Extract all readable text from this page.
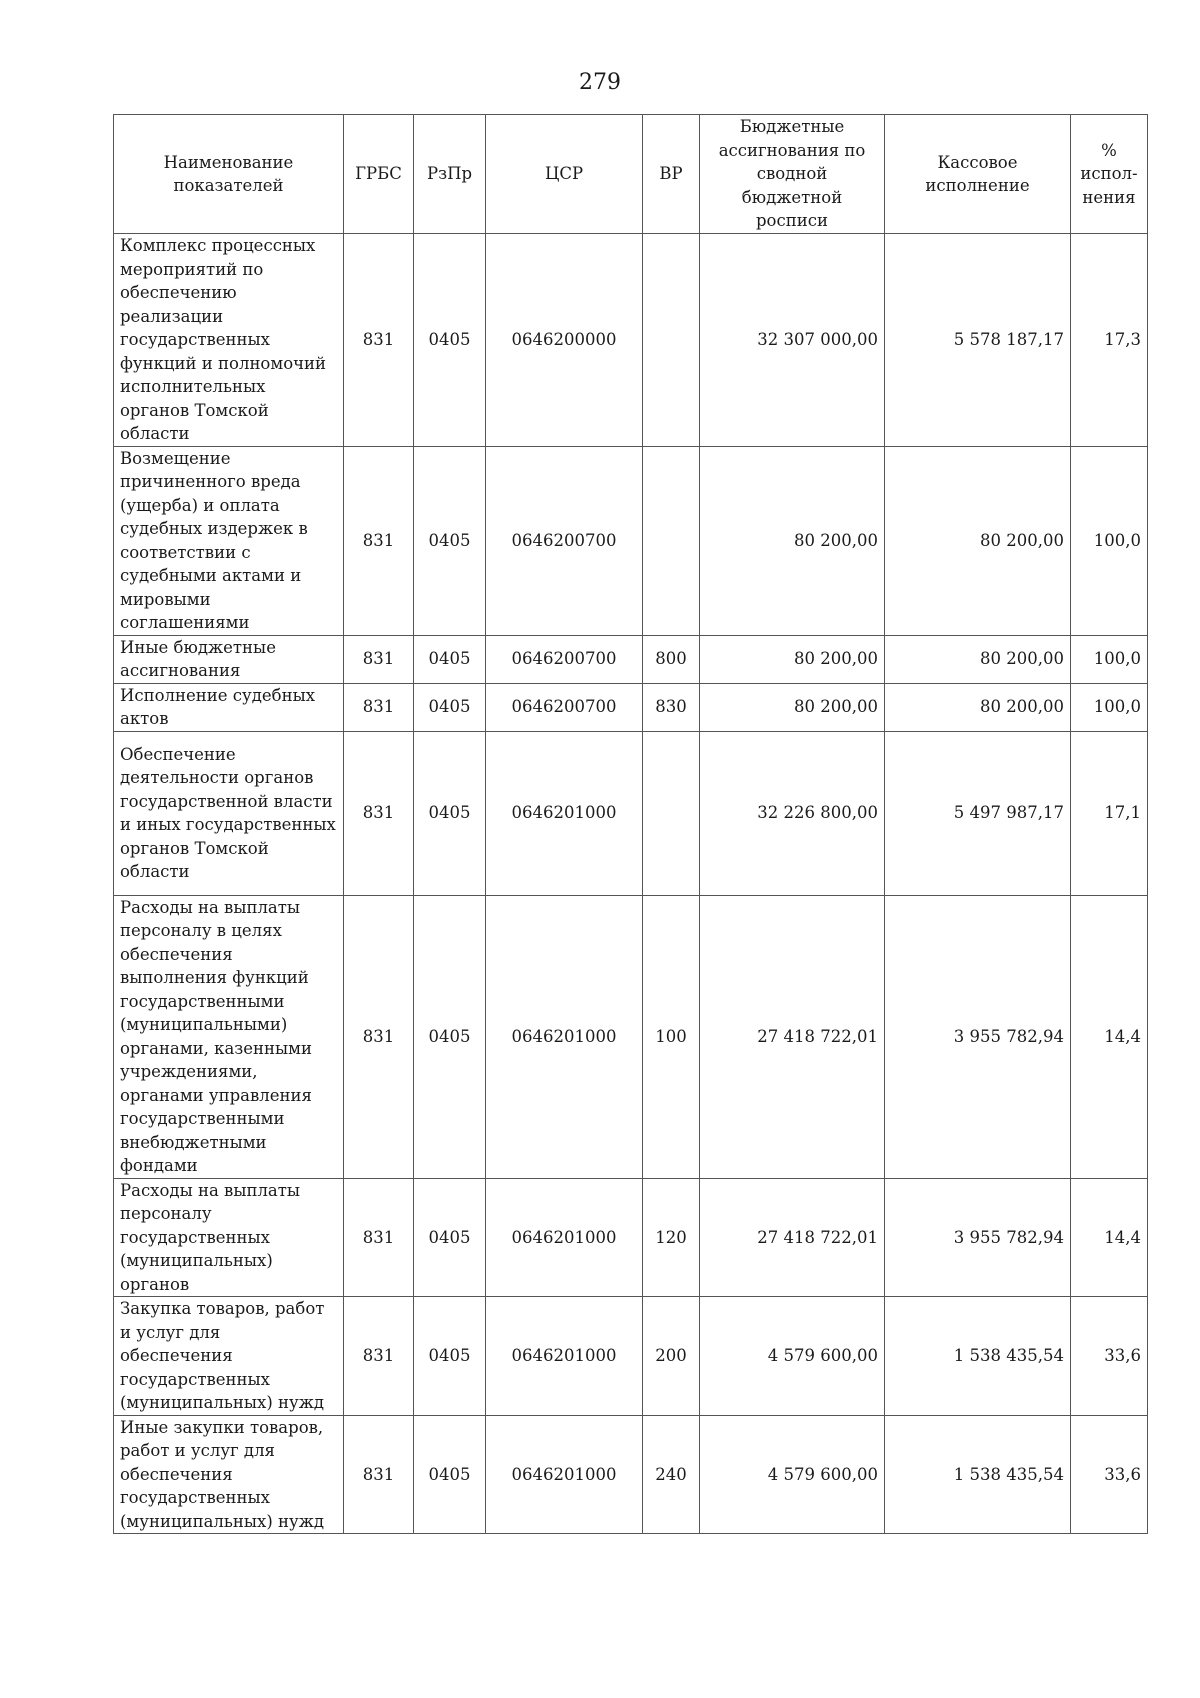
279
Наименование показателей	ГРБС	РзПр	ЦСР	ВР	Бюджетные ассигнования по сводной бюджетной росписи	Кассовое исполнение	% испол-нения
Комплекс процессных мероприятий по обеспечению реализации государственных функций и полномочий исполнительных органов Томской области	831	0405	0646200000		32 307 000,00	5 578 187,17	17,3
Возмещение причиненного вреда (ущерба) и оплата судебных издержек в соответствии с судебными актами и мировыми соглашениями	831	0405	0646200700		80 200,00	80 200,00	100,0
Иные бюджетные ассигнования	831	0405	0646200700	800	80 200,00	80 200,00	100,0
Исполнение судебных актов	831	0405	0646200700	830	80 200,00	80 200,00	100,0
Обеспечение деятельности органов государственной власти и иных государственных органов Томской области	831	0405	0646201000		32 226 800,00	5 497 987,17	17,1
Расходы на выплаты персоналу в целях обеспечения выполнения функций государственными (муниципальными) органами, казенными учреждениями, органами управления государственными внебюджетными фондами	831	0405	0646201000	100	27 418 722,01	3 955 782,94	14,4
Расходы на выплаты персоналу государственных (муниципальных) органов	831	0405	0646201000	120	27 418 722,01	3 955 782,94	14,4
Закупка товаров, работ и услуг для обеспечения государственных (муниципальных) нужд	831	0405	0646201000	200	4 579 600,00	1 538 435,54	33,6
Иные закупки товаров, работ и услуг для обеспечения государственных (муниципальных) нужд	831	0405	0646201000	240	4 579 600,00	1 538 435,54	33,6
